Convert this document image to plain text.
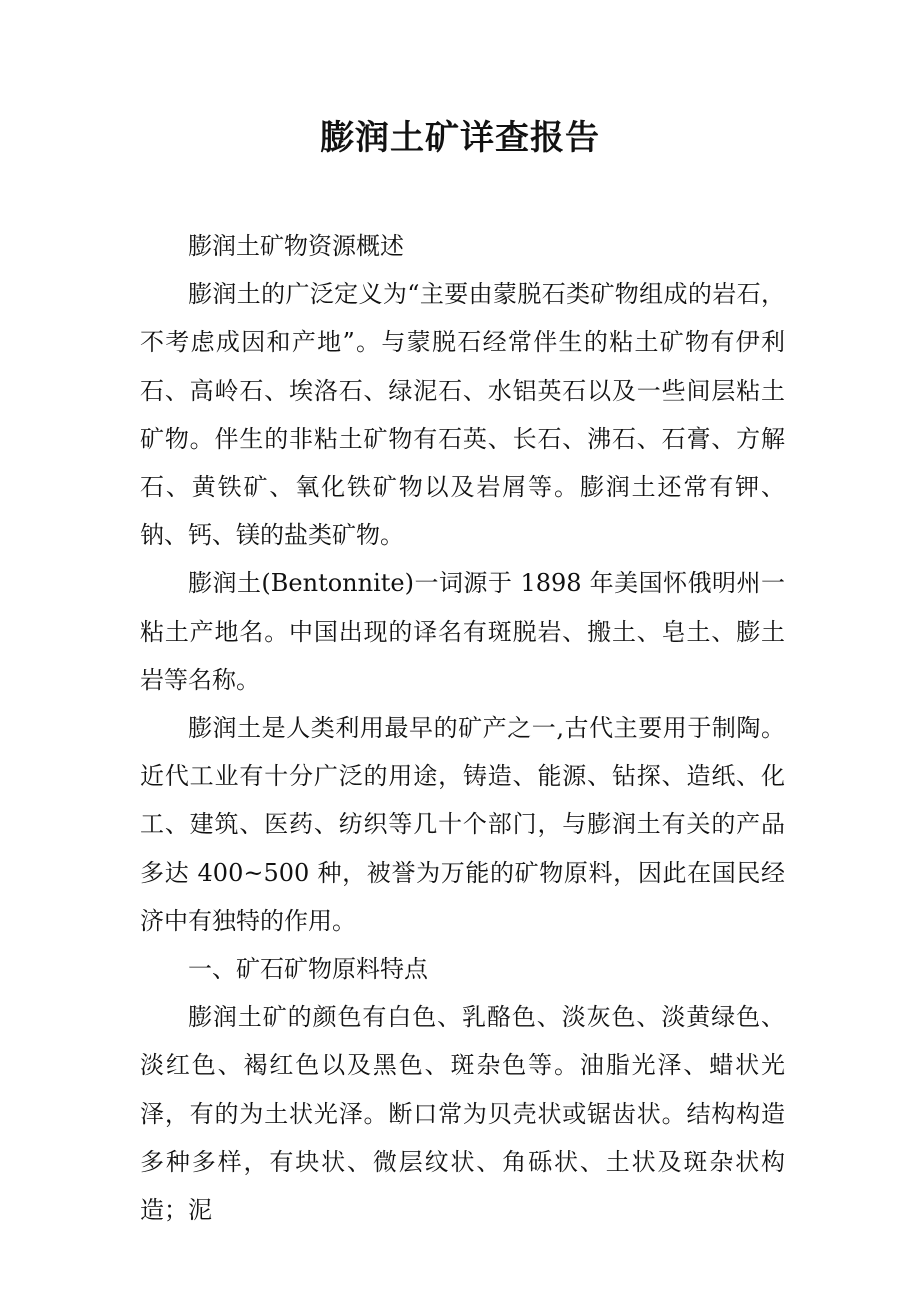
膨润土矿详查报告

膨润土矿物资源概述

膨润土的广泛定义为“主要由蒙脱石类矿物组成的岩石，不考虑成因和产地”。与蒙脱石经常伴生的粘土矿物有伊利石、高岭石、埃洛石、绿泥石、水铝英石以及一些间层粘土矿物。伴生的非粘土矿物有石英、长石、沸石、石膏、方解石、黄铁矿、氧化铁矿物以及岩屑等。膨润土还常有钾、钠、钙、镁的盐类矿物。

膨润土(Bentonnite)一词源于 1898 年美国怀俄明州一粘土产地名。中国出现的译名有斑脱岩、搬土、皂土、膨土岩等名称。

膨润土是人类利用最早的矿产之一,古代主要用于制陶。近代工业有十分广泛的用途，铸造、能源、钻探、造纸、化工、建筑、医药、纺织等几十个部门，与膨润土有关的产品多达 400~500 种，被誉为万能的矿物原料，因此在国民经济中有独特的作用。

一、矿石矿物原料特点

膨润土矿的颜色有白色、乳酪色、淡灰色、淡黄绿色、淡红色、褐红色以及黑色、斑杂色等。油脂光泽、蜡状光泽，有的为土状光泽。断口常为贝壳状或锯齿状。结构构造多种多样，有块状、微层纹状、角砾状、土状及斑杂状构造；泥
